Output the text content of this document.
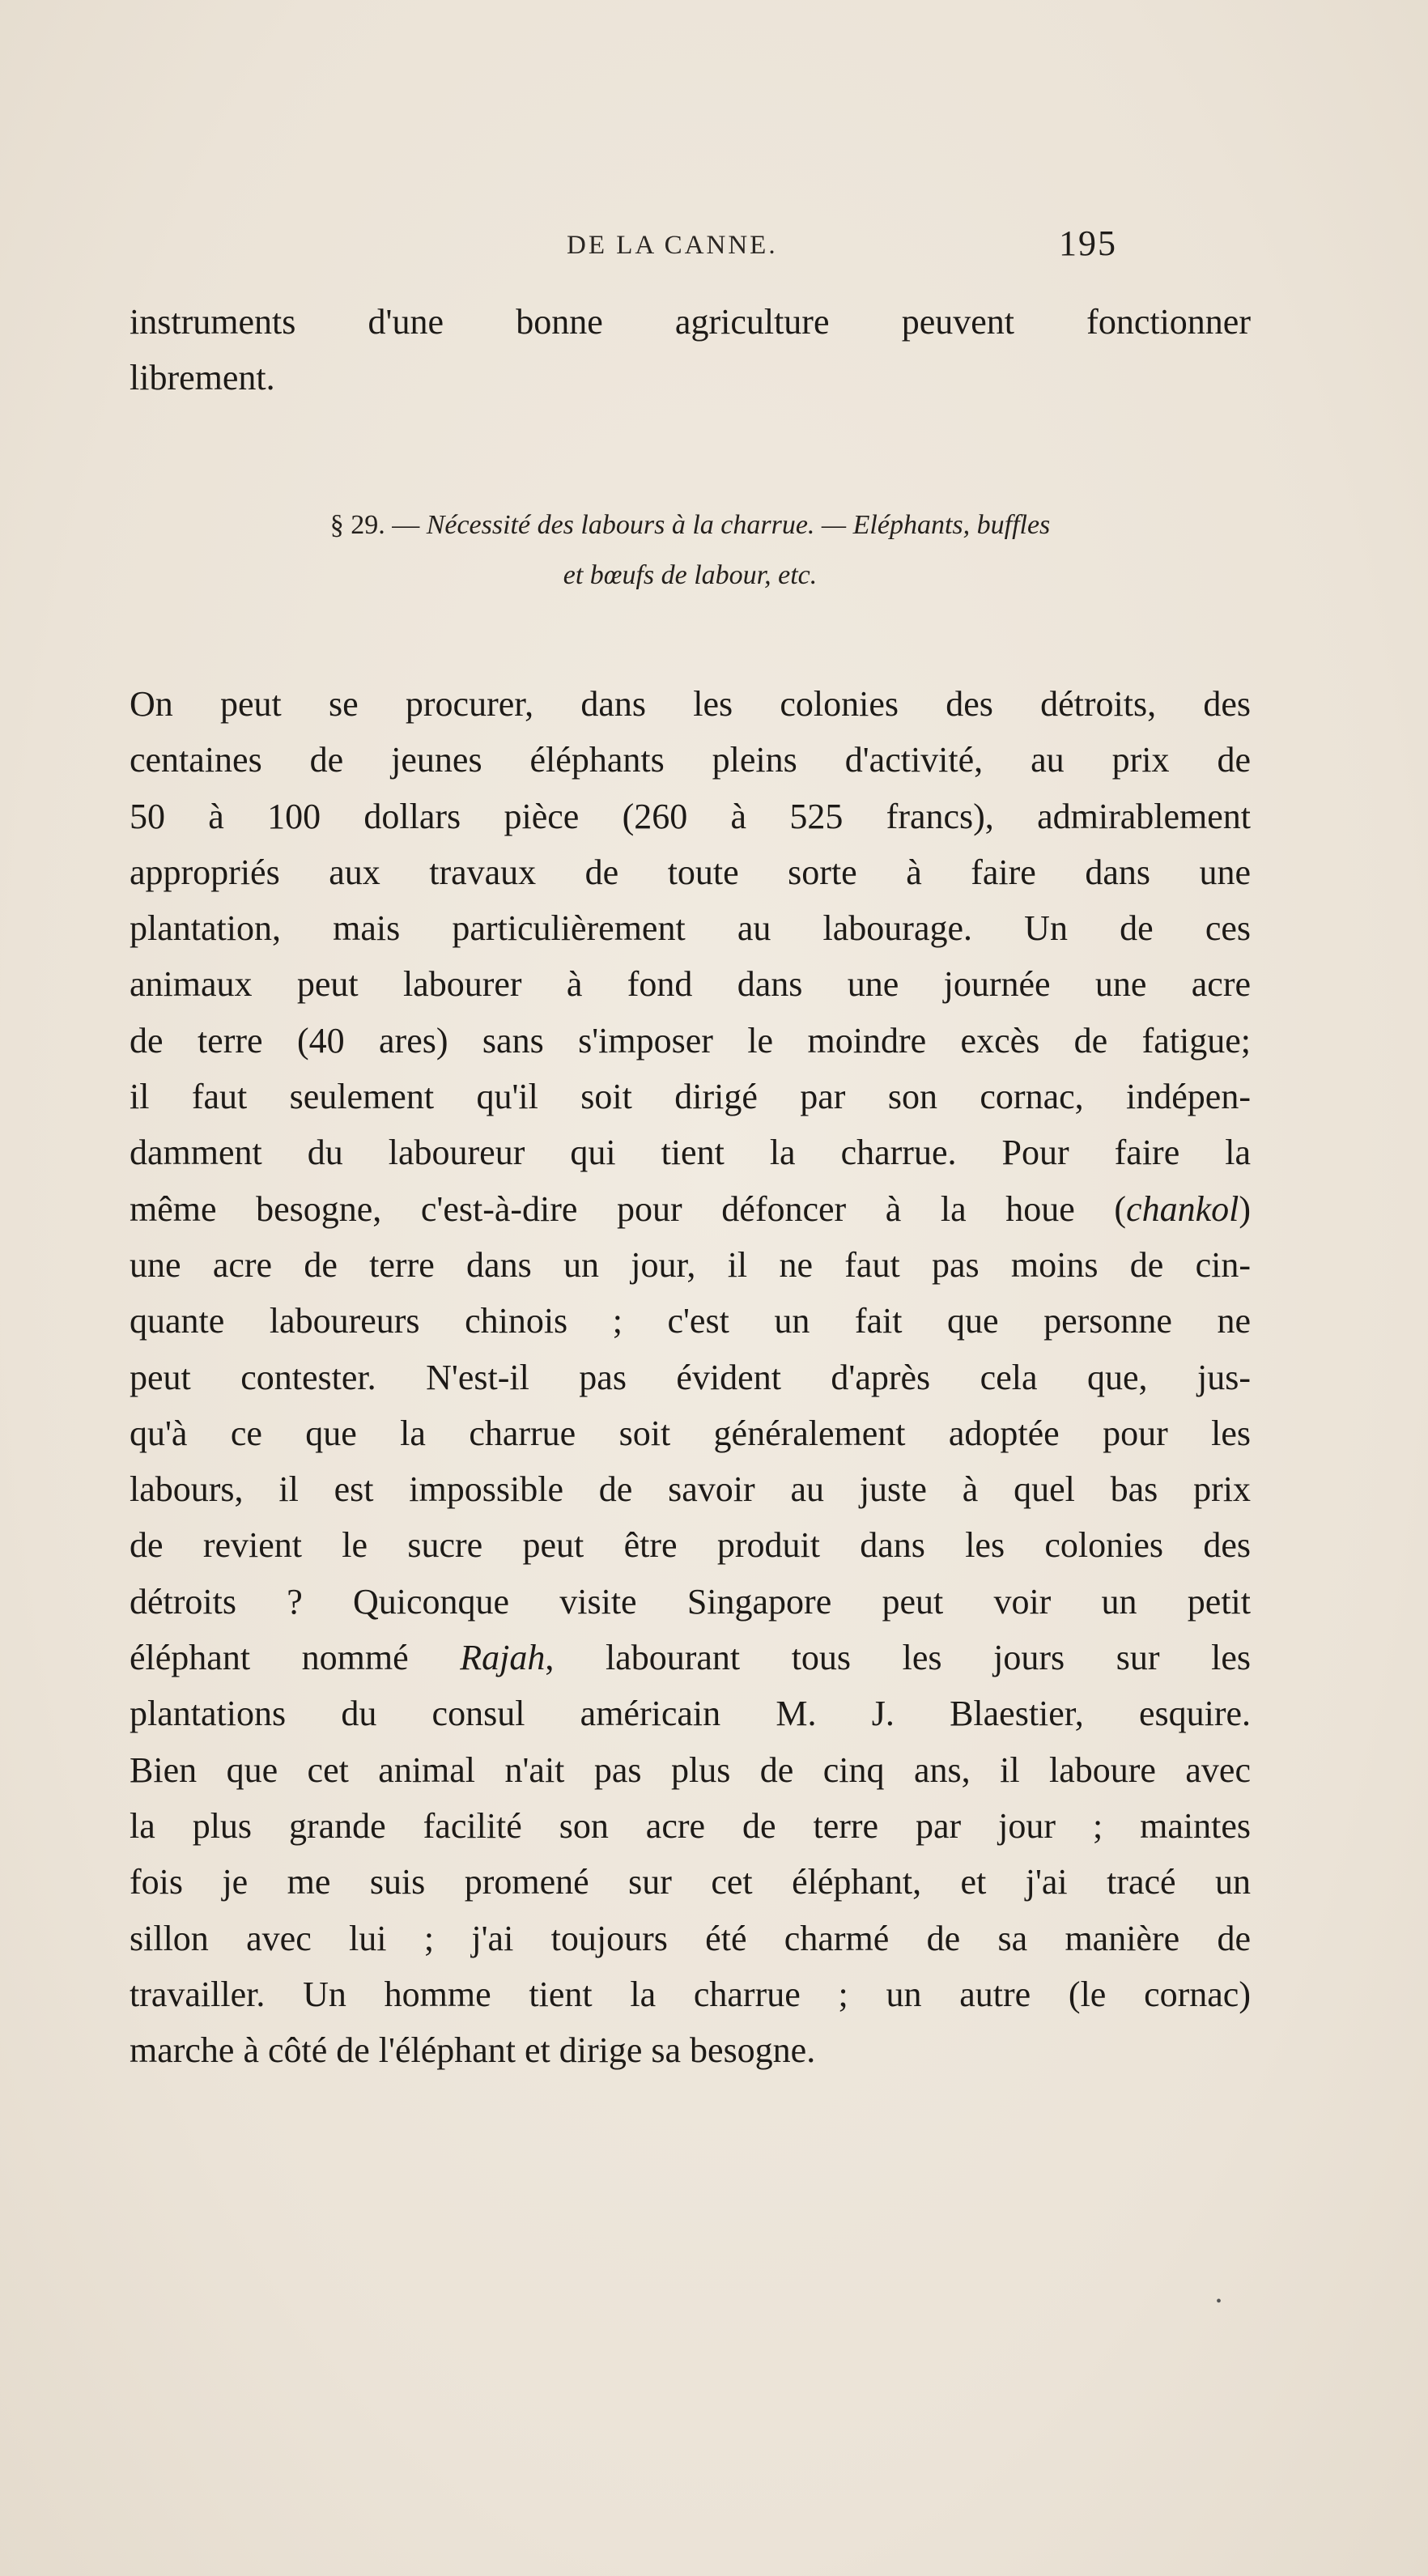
DE LA CANNE.	195
instruments d'une bonne agriculture peuvent fonctionner
librement.
§ 29. — Nécessité des labours à la charrue. — Eléphants, buffles
et bœufs de labour, etc.
On peut se procurer, dans les colonies des détroits, des
centaines de jeunes éléphants pleins d'activité, au prix de
50 à 100 dollars pièce (260 à 525 francs), admirablement
appropriés aux travaux de toute sorte à faire dans une
plantation, mais particulièrement au labourage. Un de ces
animaux peut labourer à fond dans une journée une acre
de terre (40 ares) sans s'imposer le moindre excès de fatigue;
il faut seulement qu'il soit dirigé par son cornac, indépen-
damment du laboureur qui tient la charrue. Pour faire la
même besogne, c'est-à-dire pour défoncer à la houe (chankol)
une acre de terre dans un jour, il ne faut pas moins de cin-
quante laboureurs chinois ; c'est un fait que personne ne
peut contester. N'est-il pas évident d'après cela que, jus-
qu'à ce que la charrue soit généralement adoptée pour les
labours, il est impossible de savoir au juste à quel bas prix
de revient le sucre peut être produit dans les colonies des
détroits ? Quiconque visite Singapore peut voir un petit
éléphant nommé Rajah, labourant tous les jours sur les
plantations du consul américain M. J. Blaestier, esquire.
Bien que cet animal n'ait pas plus de cinq ans, il laboure avec
la plus grande facilité son acre de terre par jour ; maintes
fois je me suis promené sur cet éléphant, et j'ai tracé un
sillon avec lui ; j'ai toujours été charmé de sa manière de
travailler. Un homme tient la charrue ; un autre (le cornac)
marche à côté de l'éléphant et dirige sa besogne.
•
